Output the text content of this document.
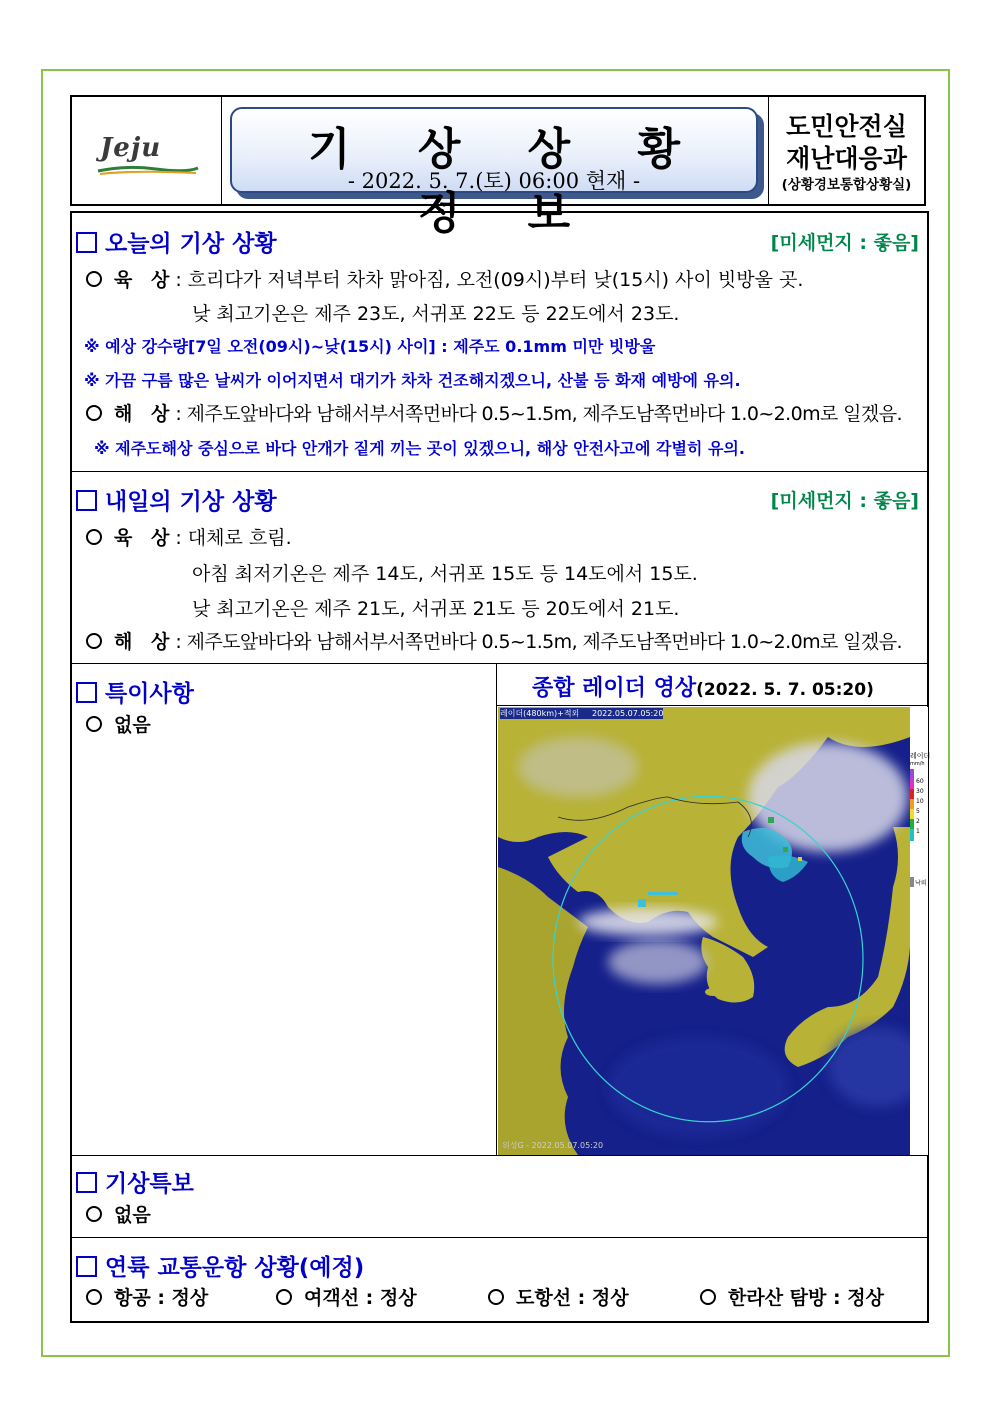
Jeju	기 상 상 황 정 보
- 2022. 5. 7.(토) 06:00 현재 -
도민안전실
재난대응과
(상황경보통합상황실)
오늘의 기상 상황	[미세먼지 : 좋음]
육 상: 흐리다가 저녁부터 차차 맑아짐, 오전(09시)부터 낮(15시) 사이 빗방울 곳.
낮 최고기온은 제주 23도, 서귀포 22도 등 22도에서 23도.
※ 예상 강수량[7일 오전(09시)~낮(15시) 사이] : 제주도 0.1mm 미만 빗방울
※ 가끔 구름 많은 날씨가 이어지면서 대기가 차차 건조해지겠으니, 산불 등 화재 예방에 유의.
해 상: 제주도앞바다와 남해서부서쪽먼바다 0.5~1.5m, 제주도남쪽먼바다 1.0~2.0m로 일겠음.
※ 제주도해상 중심으로 바다 안개가 짙게 끼는 곳이 있겠으니, 해상 안전사고에 각별히 유의.
내일의 기상 상황	[미세먼지 : 좋음]
육 상: 대체로 흐림.
아침 최저기온은 제주 14도, 서귀포 15도 등 14도에서 15도.
낮 최고기온은 제주 21도, 서귀포 21도 등 20도에서 21도.
해 상: 제주도앞바다와 남해서부서쪽먼바다 0.5~1.5m, 제주도남쪽먼바다 1.0~2.0m로 일겠음.
특이사항
없음
종합 레이더 영상(2022. 5. 7. 05:20)
레이더(480km)+적외 2022.05.07.05:20
위성G - 2022.05.07.05:20
레이더
mm/h
60
30
10
5
2
1
낙뢰
기상특보
없음
연륙 교통운항 상황(예정)
항공 : 정상	여객선 : 정상	도항선 : 정상	한라산 탐방 : 정상
